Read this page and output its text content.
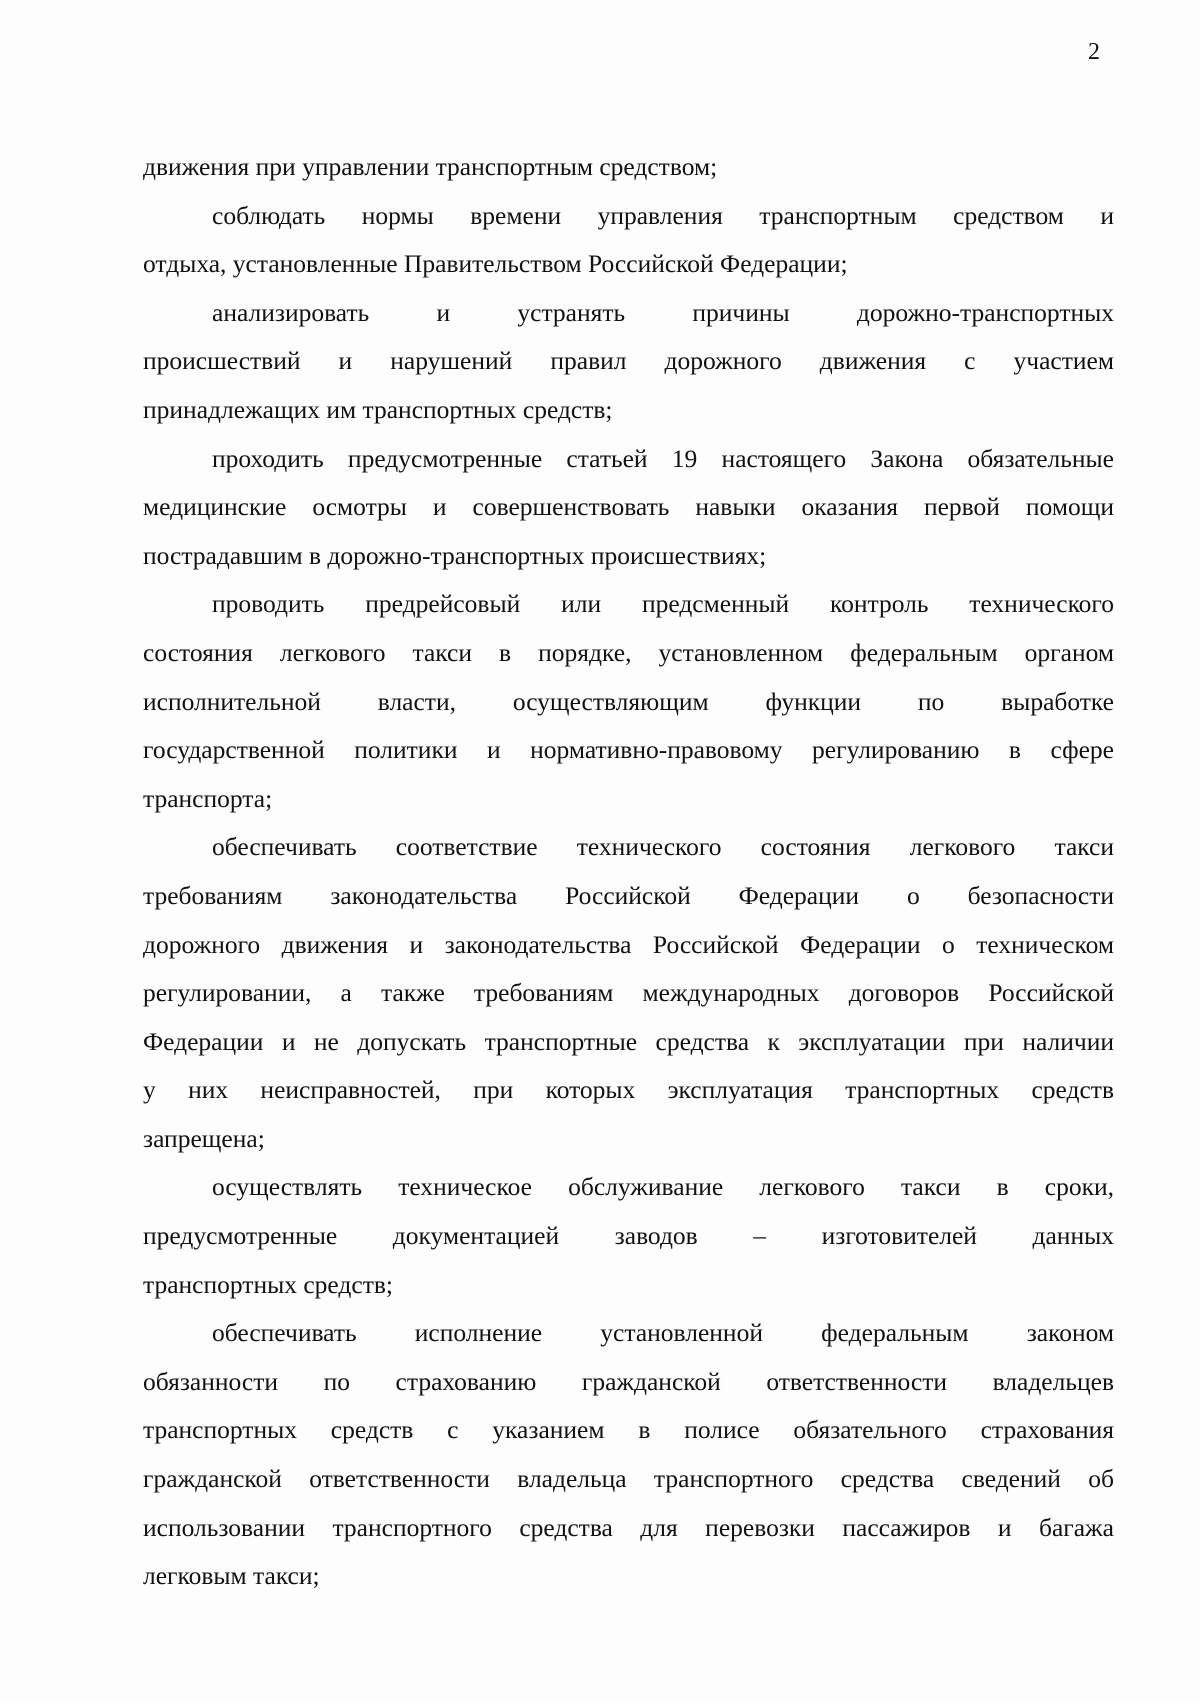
2
движения при управлении транспортным средством;
соблюдать нормы времени управления транспортным средством и
отдыха, установленные Правительством Российской Федерации;
анализировать и устранять причины дорожно-транспортных
происшествий и нарушений правил дорожного движения с участием
принадлежащих им транспортных средств;
проходить предусмотренные статьей 19 настоящего Закона обязательные
медицинские осмотры и совершенствовать навыки оказания первой помощи
пострадавшим в дорожно-транспортных происшествиях;
проводить предрейсовый или предсменный контроль технического
состояния легкового такси в порядке, установленном федеральным органом
исполнительной власти, осуществляющим функции по выработке
государственной политики и нормативно-правовому регулированию в сфере
транспорта;
обеспечивать соответствие технического состояния легкового такси
требованиям законодательства Российской Федерации о безопасности
дорожного движения и законодательства Российской Федерации о техническом
регулировании, а также требованиям международных договоров Российской
Федерации и не допускать транспортные средства к эксплуатации при наличии
у них неисправностей, при которых эксплуатация транспортных средств
запрещена;
осуществлять техническое обслуживание легкового такси в сроки,
предусмотренные документацией заводов – изготовителей данных
транспортных средств;
обеспечивать исполнение установленной федеральным законом
обязанности по страхованию гражданской ответственности владельцев
транспортных средств с указанием в полисе обязательного страхования
гражданской ответственности владельца транспортного средства сведений об
использовании транспортного средства для перевозки пассажиров и багажа
легковым такси;
